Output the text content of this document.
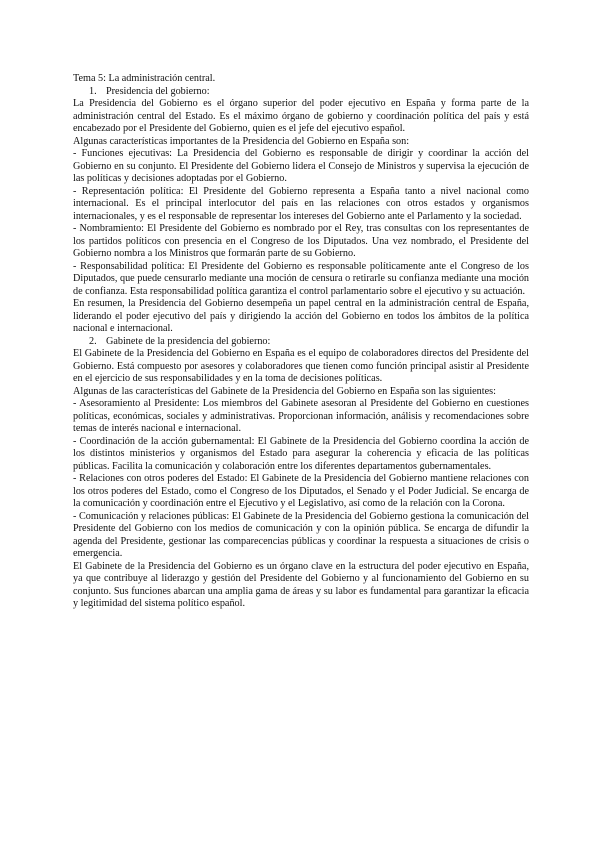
Tema 5: La administración central.

1. Presidencia del gobierno:

La Presidencia del Gobierno es el órgano superior del poder ejecutivo en España y forma parte de la administración central del Estado. Es el máximo órgano de gobierno y coordinación política del país y está encabezado por el Presidente del Gobierno, quien es el jefe del ejecutivo español.

Algunas características importantes de la Presidencia del Gobierno en España son:

- Funciones ejecutivas: La Presidencia del Gobierno es responsable de dirigir y coordinar la acción del Gobierno en su conjunto. El Presidente del Gobierno lidera el Consejo de Ministros y supervisa la ejecución de las políticas y decisiones adoptadas por el Gobierno.

- Representación política: El Presidente del Gobierno representa a España tanto a nivel nacional como internacional. Es el principal interlocutor del país en las relaciones con otros estados y organismos internacionales, y es el responsable de representar los intereses del Gobierno ante el Parlamento y la sociedad.

- Nombramiento: El Presidente del Gobierno es nombrado por el Rey, tras consultas con los representantes de los partidos políticos con presencia en el Congreso de los Diputados. Una vez nombrado, el Presidente del Gobierno nombra a los Ministros que formarán parte de su Gobierno.

- Responsabilidad política: El Presidente del Gobierno es responsable políticamente ante el Congreso de los Diputados, que puede censurarlo mediante una moción de censura o retirarle su confianza mediante una moción de confianza. Esta responsabilidad política garantiza el control parlamentario sobre el ejecutivo y su actuación.

En resumen, la Presidencia del Gobierno desempeña un papel central en la administración central de España, liderando el poder ejecutivo del país y dirigiendo la acción del Gobierno en todos los ámbitos de la política nacional e internacional.

2. Gabinete de la presidencia del gobierno:

El Gabinete de la Presidencia del Gobierno en España es el equipo de colaboradores directos del Presidente del Gobierno. Está compuesto por asesores y colaboradores que tienen como función principal asistir al Presidente en el ejercicio de sus responsabilidades y en la toma de decisiones políticas.

Algunas de las características del Gabinete de la Presidencia del Gobierno en España son las siguientes:

- Asesoramiento al Presidente: Los miembros del Gabinete asesoran al Presidente del Gobierno en cuestiones políticas, económicas, sociales y administrativas. Proporcionan información, análisis y recomendaciones sobre temas de interés nacional e internacional.

- Coordinación de la acción gubernamental: El Gabinete de la Presidencia del Gobierno coordina la acción de los distintos ministerios y organismos del Estado para asegurar la coherencia y eficacia de las políticas públicas. Facilita la comunicación y colaboración entre los diferentes departamentos gubernamentales.

- Relaciones con otros poderes del Estado: El Gabinete de la Presidencia del Gobierno mantiene relaciones con los otros poderes del Estado, como el Congreso de los Diputados, el Senado y el Poder Judicial. Se encarga de la comunicación y coordinación entre el Ejecutivo y el Legislativo, así como de la relación con la Corona.

- Comunicación y relaciones públicas: El Gabinete de la Presidencia del Gobierno gestiona la comunicación del Presidente del Gobierno con los medios de comunicación y con la opinión pública. Se encarga de difundir la agenda del Presidente, gestionar las comparecencias públicas y coordinar la respuesta a situaciones de crisis o emergencia.

El Gabinete de la Presidencia del Gobierno es un órgano clave en la estructura del poder ejecutivo en España, ya que contribuye al liderazgo y gestión del Presidente del Gobierno y al funcionamiento del Gobierno en su conjunto. Sus funciones abarcan una amplia gama de áreas y su labor es fundamental para garantizar la eficacia y legitimidad del sistema político español.
